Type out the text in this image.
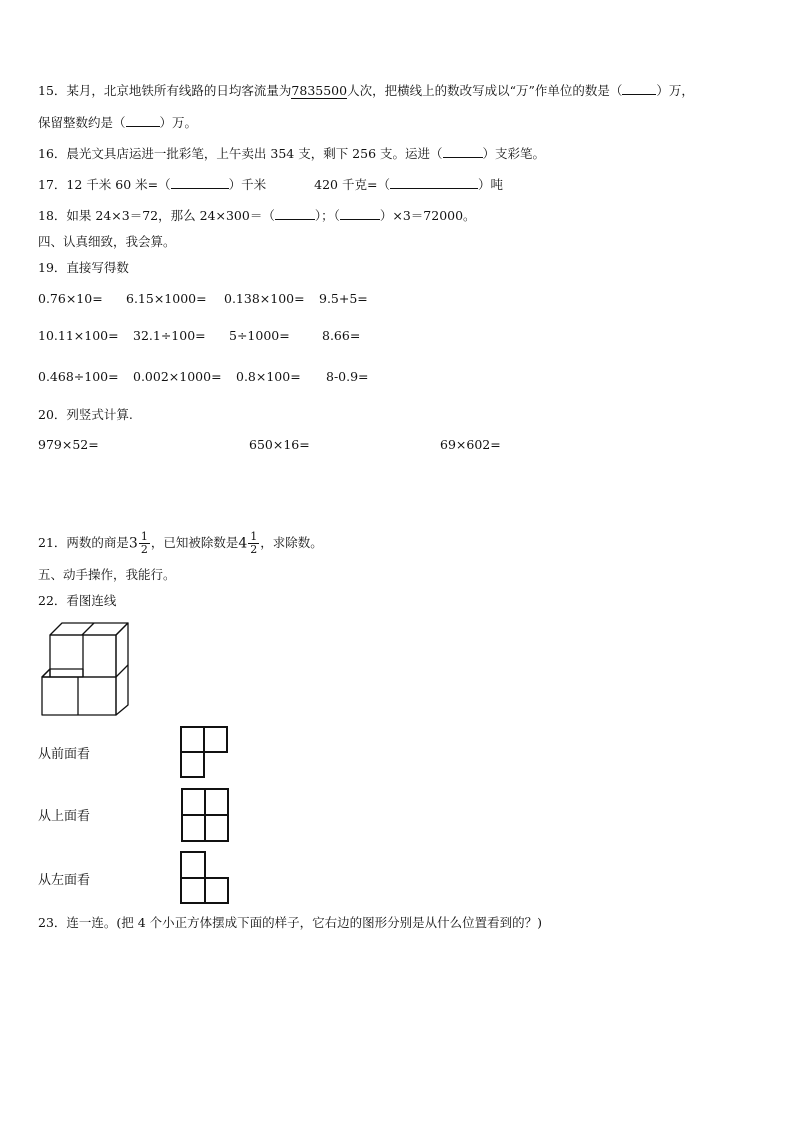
15．某月，北京地铁所有线路的日均客流量为7835500人次，把横线上的数改写成以“万”作单位的数是（	）万，
保留整数约是（	）万。
16．晨光文具店运进一批彩笔，上午卖出 354 支，剩下 256 支。运进（	）支彩笔。
17．12 千米 60 米=（	）千米	420 千克=（	）吨
18．如果 24×3＝72，那么 24×300＝（	）；（	）×3＝72000。
四、认真细致，我会算。
19．直接写得数
0.76×10= 6.15×1000= 0.138×100= 9.5+5=
10.11×100= 32.1÷100= 5÷1000=	8.66=
0.468÷100= 0.002×1000= 0.8×100= 8-0.9=
20．列竖式计算.
979×52=	650×16=	69×602=
21．两数的商是$3 \frac{1}{2}$ ，已知被除数是$4 \frac{1}{2}$ ，求除数。
五、动手操作，我能行。
22．看图连线
从前面看
从上面看
从左面看
23．连一连。(把 4 个小正方体摆成下面的样子，它右边的图形分别是从什么位置看到的？)
